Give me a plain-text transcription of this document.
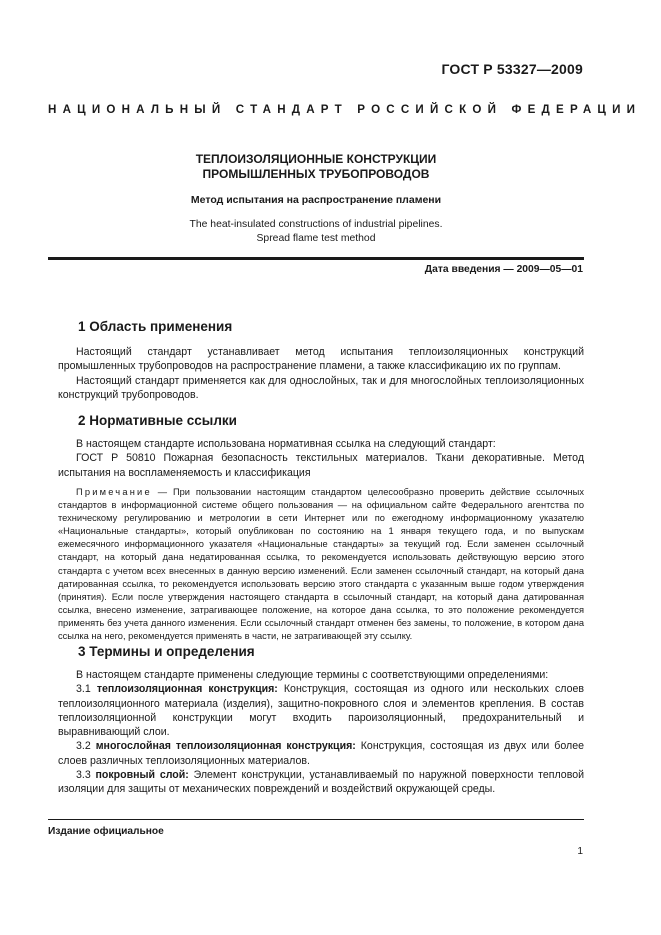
ГОСТ Р 53327—2009
НАЦИОНАЛЬНЫЙ СТАНДАРТ РОССИЙСКОЙ ФЕДЕРАЦИИ
ТЕПЛОИЗОЛЯЦИОННЫЕ КОНСТРУКЦИИ
ПРОМЫШЛЕННЫХ ТРУБОПРОВОДОВ
Метод испытания на распространение пламени
The heat-insulated constructions of industrial pipelines.
Spread flame test method
Дата введения — 2009—05—01
1 Область применения

Настоящий стандарт устанавливает метод испытания теплоизоляционных конструкций промышленных трубопроводов на распространение пламени, а также классификацию их по группам.

Настоящий стандарт применяется как для однослойных, так и для многослойных теплоизоляционных конструкций трубопроводов.

2 Нормативные ссылки

В настоящем стандарте использована нормативная ссылка на следующий стандарт:

ГОСТ Р 50810 Пожарная безопасность текстильных материалов. Ткани декоративные. Метод испытания на воспламеняемость и классификация

Примечание — При пользовании настоящим стандартом целесообразно проверить действие ссылочных стандартов в информационной системе общего пользования — на официальном сайте Федерального агентства по техническому регулированию и метрологии в сети Интернет или по ежегодному информационному указателю «Национальные стандарты», который опубликован по состоянию на 1 января текущего года, и по выпускам ежемесячного информационного указателя «Национальные стандарты» за текущий год. Если заменен ссылочный стандарт, на который дана недатированная ссылка, то рекомендуется использовать действующую версию этого стандарта с учетом всех внесенных в данную версию изменений. Если заменен ссылочный стандарт, на который дана датированная ссылка, то рекомендуется использовать версию этого стандарта с указанным выше годом утверждения (принятия). Если после утверждения настоящего стандарта в ссылочный стандарт, на который дана датированная ссылка, внесено изменение, затрагивающее положение, на которое дана ссылка, то это положение рекомендуется применять без учета данного изменения. Если ссылочный стандарт отменен без замены, то положение, в котором дана ссылка на него, рекомендуется применять в части, не затрагивающей эту ссылку.

3 Термины и определения

В настоящем стандарте применены следующие термины с соответствующими определениями:

3.1 теплоизоляционная конструкция: Конструкция, состоящая из одного или нескольких слоев теплоизоляционного материала (изделия), защитно-покровного слоя и элементов крепления. В состав теплоизоляционной конструкции могут входить пароизоляционный, предохранительный и выравнивающий слои.

3.2 многослойная теплоизоляционная конструкция: Конструкция, состоящая из двух или более слоев различных теплоизоляционных материалов.

3.3 покровный слой: Элемент конструкции, устанавливаемый по наружной поверхности тепловой изоляции для защиты от механических повреждений и воздействий окружающей среды.

Издание официальное
1
